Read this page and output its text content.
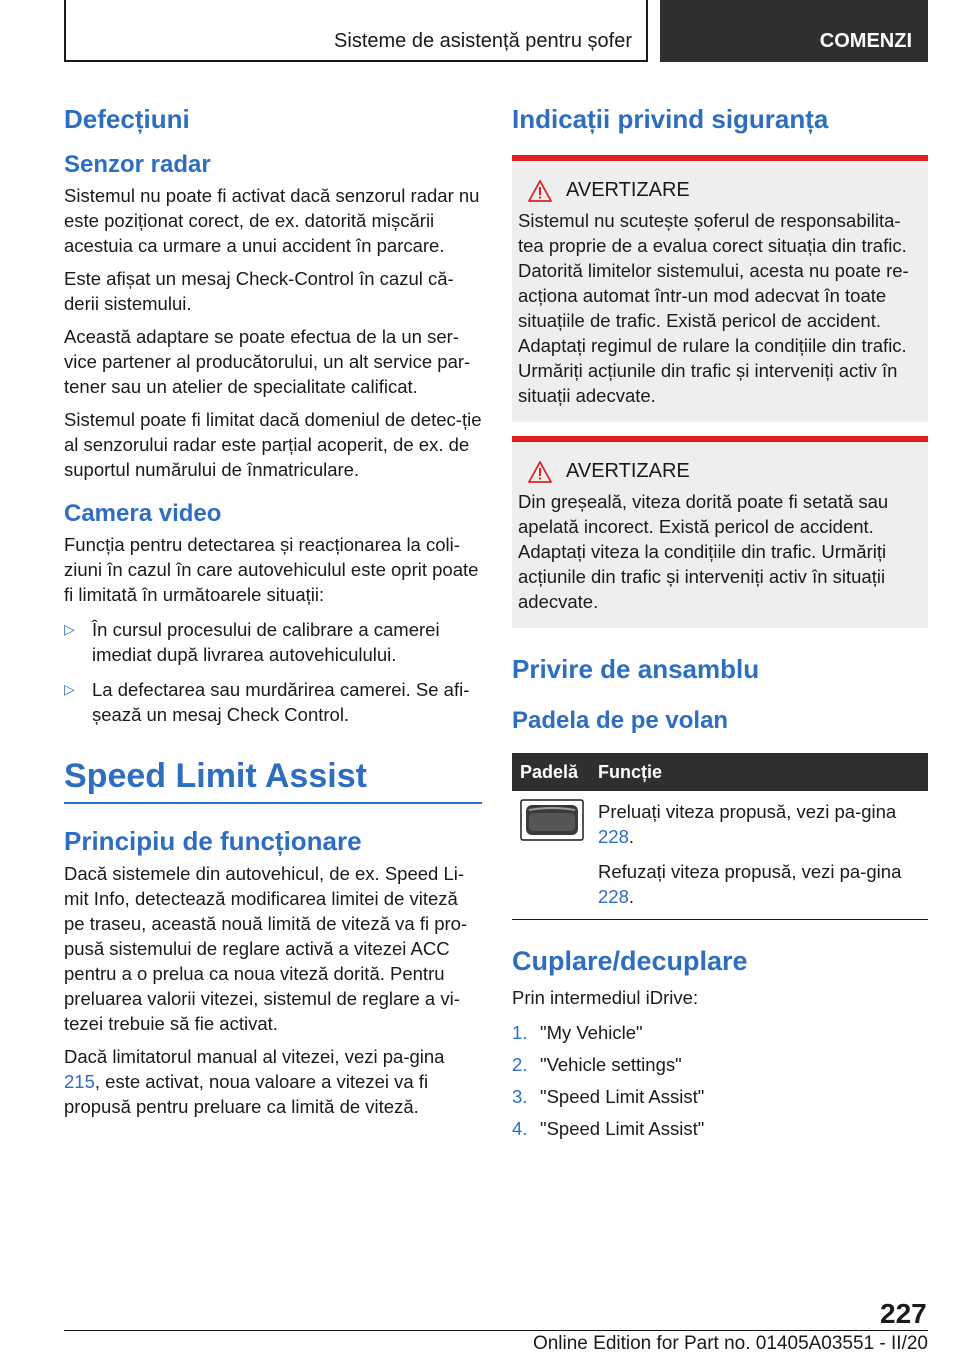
Sisteme de asistență pentru șofer	COMENZI
Defecțiuni
Senzor radar

Sistemul nu poate fi activat dacă senzorul radar nu este poziționat corect, de ex. datorită mișcării acestuia ca urmare a unui accident în parcare.

Este afișat un mesaj Check-Control în cazul că-derii sistemului.

Această adaptare se poate efectua de la un ser-vice partener al producătorului, un alt service par-tener sau un atelier de specialitate calificat.

Sistemul poate fi limitat dacă domeniul de detec-ție al senzorului radar este parțial acoperit, de ex. de suportul numărului de înmatriculare.

Camera video

Funcția pentru detectarea și reacționarea la coli-ziuni în cazul în care autovehiculul este oprit poate fi limitată în următoarele situații:

▷ În cursul procesului de calibrare a camerei imediat după livrarea autovehiculului.

▷ La defectarea sau murdărirea camerei. Se afi-șează un mesaj Check Control.

Speed Limit Assist
Principiu de funcționare

Dacă sistemele din autovehicul, de ex. Speed Li-mit Info, detectează modificarea limitei de viteză pe traseu, această nouă limită de viteză va fi pro-pusă sistemului de reglare activă a vitezei ACC pentru a o prelua ca noua viteză dorită. Pentru preluarea valorii vitezei, sistemul de reglare a vi-tezei trebuie să fie activat.

Dacă limitatorul manual al vitezei, vezi pa-gina 215, este activat, noua valoare a vitezei va fi propusă pentru preluare ca limită de viteză.

Indicații privind siguranța
AVERTIZARE

Sistemul nu scutește șoferul de responsabilita-tea proprie de a evalua corect situația din trafic. Datorită limitelor sistemului, acesta nu poate re-acționa automat într-un mod adecvat în toate situațiile de trafic. Există pericol de accident. Adaptați regimul de rulare la condițiile din trafic. Urmăriți acțiunile din trafic și interveniți activ în situații adecvate.

AVERTIZARE

Din greșeală, viteza dorită poate fi setată sau apelată incorect. Există pericol de accident. Adaptați viteza la condițiile din trafic. Urmăriți acțiunile din trafic și interveniți activ în situații adecvate.

Privire de ansamblu
Padela de pe volan
Padelă	Funcție

Preluați viteza propusă, vezi pa-gina 228.

Refuzați viteza propusă, vezi pa-gina 228.

Cuplare/decuplare

Prin intermediul iDrive:

1. "My Vehicle"
2. "Vehicle settings"
3. "Speed Limit Assist"
4. "Speed Limit Assist"
227
Online Edition for Part no. 01405A03551 - II/20
